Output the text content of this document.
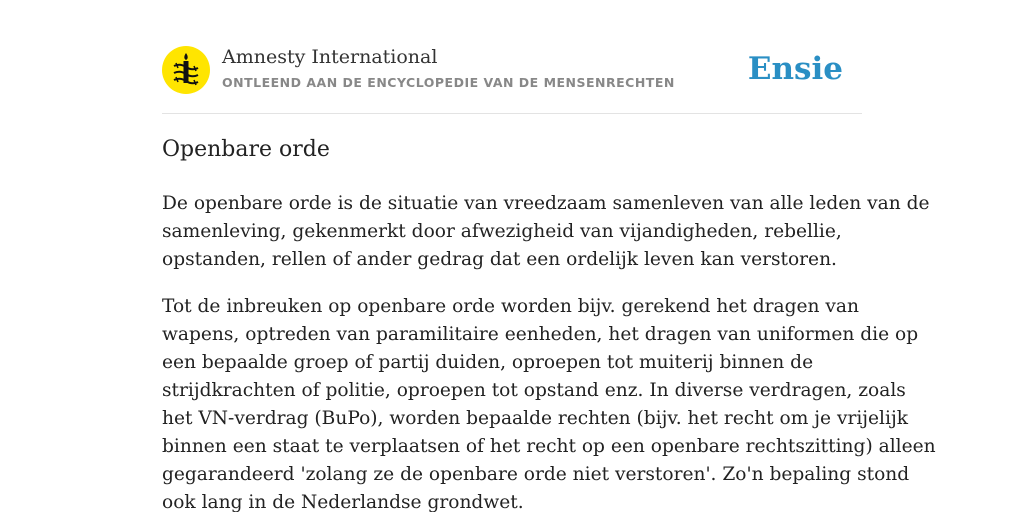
Amnesty International
ONTLEEND AAN DE ENCYCLOPEDIE VAN DE MENSENRECHTEN Ensie
Openbare orde

De openbare orde is de situatie van vreedzaam samenleven van alle leden van de
samenleving, gekenmerkt door afwezigheid van vijandigheden, rebellie,
opstanden, rellen of ander gedrag dat een ordelijk leven kan verstoren.

Tot de inbreuken op openbare orde worden bijv. gerekend het dragen van
wapens, optreden van paramilitaire eenheden, het dragen van uniformen die op
een bepaalde groep of partij duiden, oproepen tot muiterij binnen de
strijdkrachten of politie, oproepen tot opstand enz. In diverse verdragen, zoals
het VN-verdrag (BuPo), worden bepaalde rechten (bijv. het recht om je vrijelijk
binnen een staat te verplaatsen of het recht op een openbare rechtszitting) alleen
gegarandeerd 'zolang ze de openbare orde niet verstoren'. Zo'n bepaling stond
ook lang in de Nederlandse grondwet.
